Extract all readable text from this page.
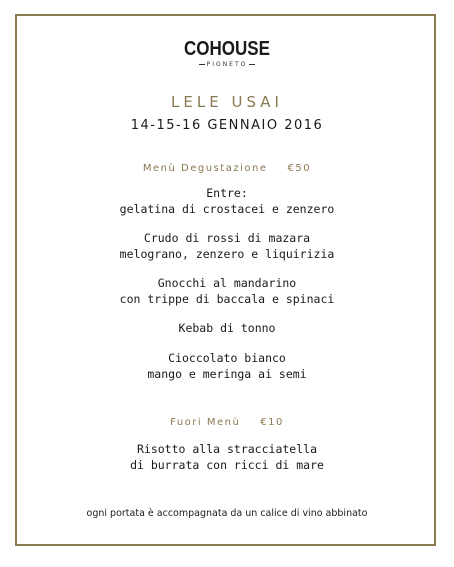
COHOUSE
PIGNETO
LELE USAI
14-15-16 GENNAIO 2016
Menù Degustazione €50
Entre:
gelatina di crostacei e zenzero
Crudo di rossi di mazara
melograno, zenzero e liquirizia
Gnocchi al mandarino
con trippe di baccala e spinaci
Kebab di tonno
Cioccolato bianco
mango e meringa ai semi
Fuori Menù €10
Risotto alla stracciatella
di burrata con ricci di mare
ogni portata è accompagnata da un calice di vino abbinato
